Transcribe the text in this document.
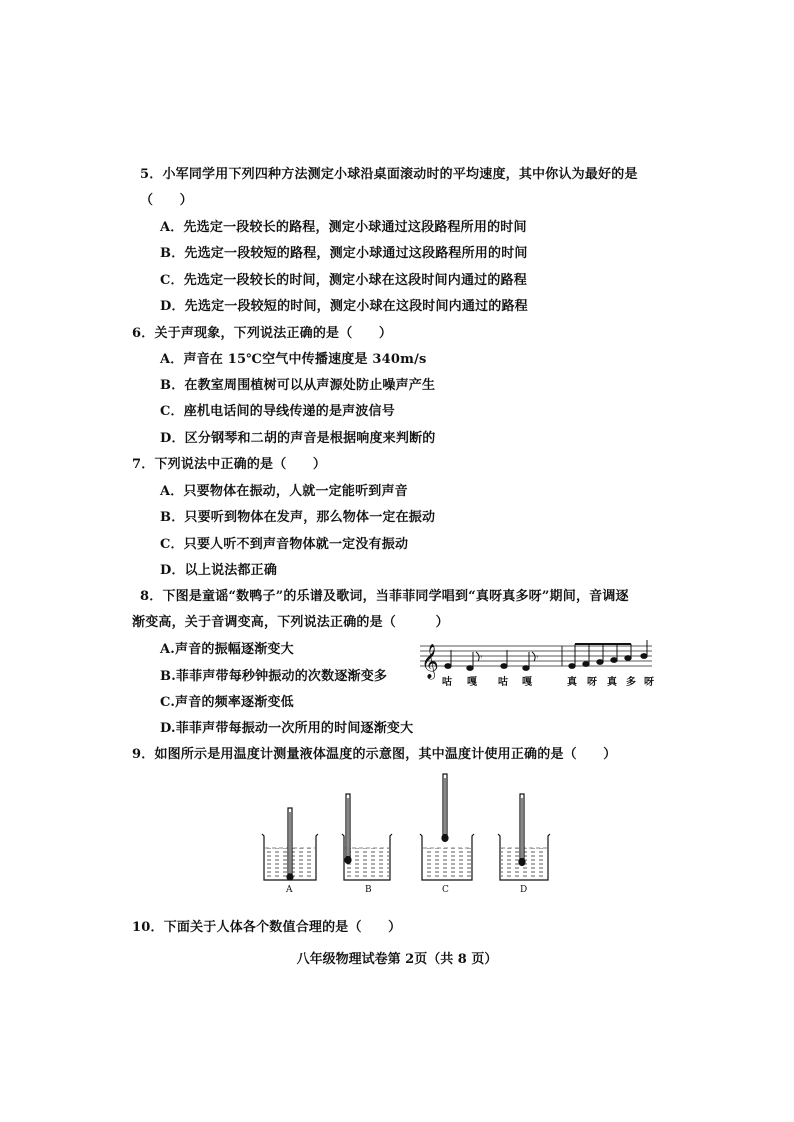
5．小军同学用下列四种方法测定小球沿桌面滚动时的平均速度，其中你认为最好的是
（　　）
A．先选定一段较长的路程，测定小球通过这段路程所用的时间
B．先选定一段较短的路程，测定小球通过这段路程所用的时间
C．先选定一段较长的时间，测定小球在这段时间内通过的路程
D．先选定一段较短的时间，测定小球在这段时间内通过的路程
6．关于声现象，下列说法正确的是（　　）
A．声音在 15℃空气中传播速度是 340m/s
B．在教室周围植树可以从声源处防止噪声产生
C．座机电话间的导线传递的是声波信号
D．区分钢琴和二胡的声音是根据响度来判断的
7．下列说法中正确的是（　　）
A．只要物体在振动，人就一定能听到声音
B．只要听到物体在发声，那么物体一定在振动
C．只要人听不到声音物体就一定没有振动
D．以上说法都正确
8．下图是童谣“数鸭子”的乐谱及歌词，当菲菲同学唱到“真呀真多呀”期间，音调逐
渐变高，关于音调变高，下列说法正确的是（　　　）
A.声音的振幅逐渐变大
B.菲菲声带每秒钟振动的次数逐渐变多
C.声音的频率逐渐变低
D.菲菲声带每振动一次所用的时间逐渐变大
𝄞	𝄾	𝄾
咕 嘎 咕 嘎	真 呀 真 多 呀
9．如图所示是用温度计测量液体温度的示意图，其中温度计使用正确的是（　　）
A	B	C	D
10．下面关于人体各个数值合理的是（　　）
八年级物理试卷第 2页（共 8 页）
